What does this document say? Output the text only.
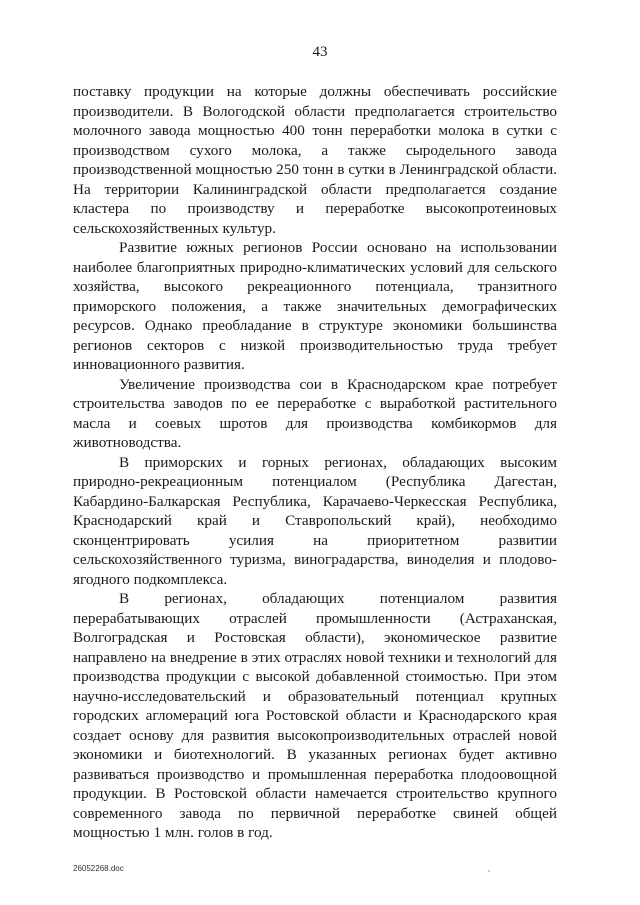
43

поставку продукции на которые должны обеспечивать российские производители. В Вологодской области предполагается строительство молочного завода мощностью 400 тонн переработки молока в сутки с производством сухого молока, а также сыродельного завода производственной мощностью 250 тонн в сутки в Ленинградской области. На территории Калининградской области предполагается создание кластера по производству и переработке высокопротеиновых сельскохозяйственных культур.

Развитие южных регионов России основано на использовании наиболее благоприятных природно-климатических условий для сельского хозяйства, высокого рекреационного потенциала, транзитного приморского положения, а также значительных демографических ресурсов. Однако преобладание в структуре экономики большинства регионов секторов с низкой производительностью труда требует инновационного развития.

Увеличение производства сои в Краснодарском крае потребует строительства заводов по ее переработке с выработкой растительного масла и соевых шротов для производства комбикормов для животноводства.

В приморских и горных регионах, обладающих высоким природно-рекреационным потенциалом (Республика Дагестан, Кабардино-Балкарская Республика, Карачаево-Черкесская Республика, Краснодарский край и Ставропольский край), необходимо сконцентрировать усилия на приоритетном развитии сельскохозяйственного туризма, виноградарства, виноделия и плодово-ягодного подкомплекса.

В регионах, обладающих потенциалом развития перерабатывающих отраслей промышленности (Астраханская, Волгоградская и Ростовская области), экономическое развитие направлено на внедрение в этих отраслях новой техники и технологий для производства продукции с высокой добавленной стоимостью. При этом научно-исследовательский и образовательный потенциал крупных городских агломераций юга Ростовской области и Краснодарского края создает основу для развития высокопроизводительных отраслей новой экономики и биотехнологий. В указанных регионах будет активно развиваться производство и промышленная переработка плодоовощной продукции. В Ростовской области намечается строительство крупного современного завода по первичной переработке свиней общей мощностью 1 млн. голов в год.

26052268.doc
